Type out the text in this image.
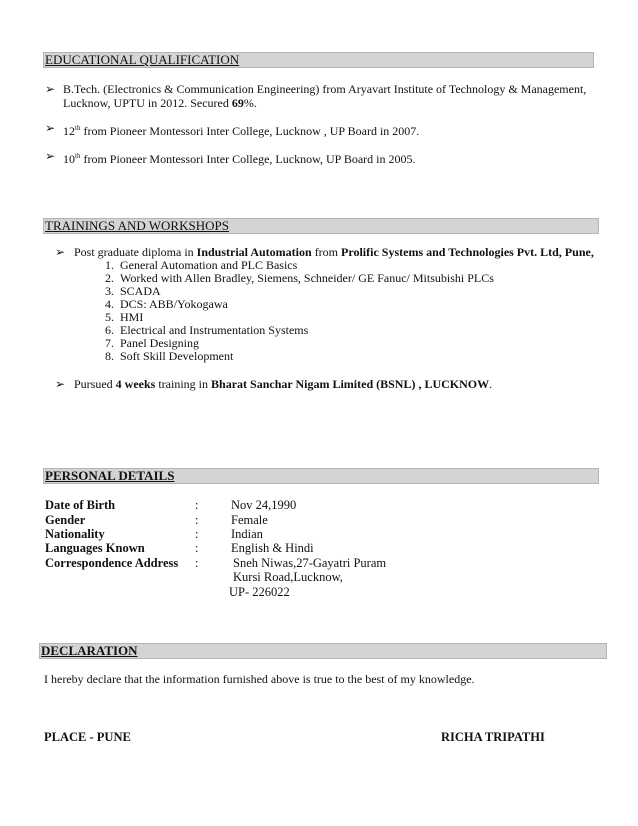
EDUCATIONAL QUALIFICATION
➢ B.Tech. (Electronics & Communication Engineering) from Aryavart Institute of Technology & Management,
Lucknow, UPTU in 2012. Secured 69%.
➢ 12th from Pioneer Montessori Inter College, Lucknow , UP Board in 2007.
➢ 10th from Pioneer Montessori Inter College, Lucknow, UP Board in 2005.
TRAININGS AND WORKSHOPS
➢ Post graduate diploma in Industrial Automation from Prolific Systems and Technologies Pvt. Ltd, Pune,
1. General Automation and PLC Basics
2. Worked with Allen Bradley, Siemens, Schneider/ GE Fanuc/ Mitsubishi PLCs
3. SCADA
4. DCS: ABB/Yokogawa
5. HMI
6. Electrical and Instrumentation Systems
7. Panel Designing
8. Soft Skill Development
➢ Pursued 4 weeks training in Bharat Sanchar Nigam Limited (BSNL) , LUCKNOW.
PERSONAL DETAILS
Date of Birth	:	Nov 24,1990
Gender	:	Female
Nationality	:	Indian
Languages Known	:	English & Hindi
Correspondence Address :	Sneh Niwas,27-Gayatri Puram
Kursi Road,Lucknow,
UP- 226022
DECLARATION
I hereby declare that the information furnished above is true to the best of my knowledge.
PLACE - PUNE	RICHA TRIPATHI
